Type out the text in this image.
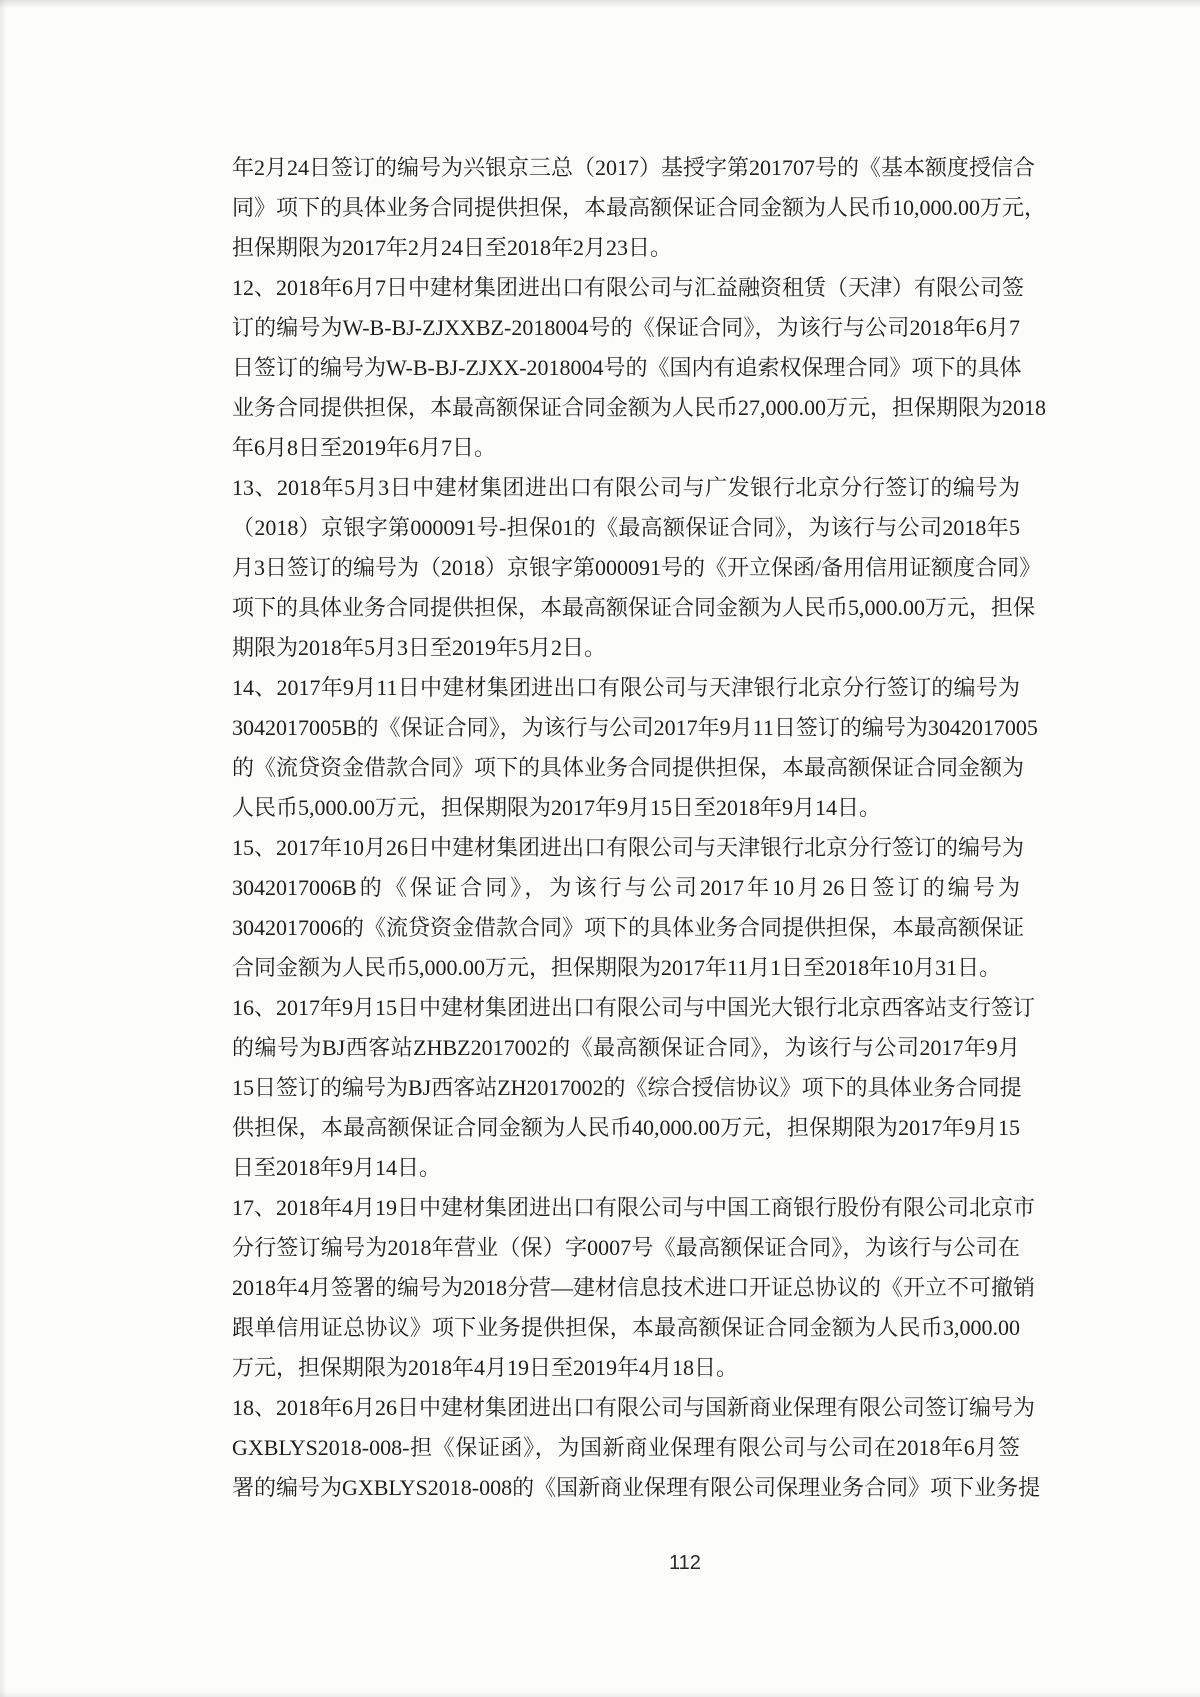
年2月24日签订的编号为兴银京三总（2017）基授字第201707号的《基本额度授信合
同》项下的具体业务合同提供担保，本最高额保证合同金额为人民币10,000.00万元，
担保期限为2017年2月24日至2018年2月23日。
12、2018年6月7日中建材集团进出口有限公司与汇益融资租赁（天津）有限公司签
订的编号为W-B-BJ-ZJXXBZ-2018004号的《保证合同》，为该行与公司2018年6月7
日签订的编号为W-B-BJ-ZJXX-2018004号的《国内有追索权保理合同》项下的具体
业务合同提供担保，本最高额保证合同金额为人民币27,000.00万元，担保期限为2018
年6月8日至2019年6月7日。
13、2018年5月3日中建材集团进出口有限公司与广发银行北京分行签订的编号为
（2018）京银字第000091号-担保01的《最高额保证合同》，为该行与公司2018年5
月3日签订的编号为（2018）京银字第000091号的《开立保函/备用信用证额度合同》
项下的具体业务合同提供担保，本最高额保证合同金额为人民币5,000.00万元，担保
期限为2018年5月3日至2019年5月2日。
14、2017年9月11日中建材集团进出口有限公司与天津银行北京分行签订的编号为
3042017005B的《保证合同》，为该行与公司2017年9月11日签订的编号为3042017005
的《流贷资金借款合同》项下的具体业务合同提供担保，本最高额保证合同金额为
人民币5,000.00万元，担保期限为2017年9月15日至2018年9月14日。
15、2017年10月26日中建材集团进出口有限公司与天津银行北京分行签订的编号为
3042017006B的《保证合同》，为该行与公司2017年10月26日签订的编号为
3042017006的《流贷资金借款合同》项下的具体业务合同提供担保，本最高额保证
合同金额为人民币5,000.00万元，担保期限为2017年11月1日至2018年10月31日。
16、2017年9月15日中建材集团进出口有限公司与中国光大银行北京西客站支行签订
的编号为BJ西客站ZHBZ2017002的《最高额保证合同》，为该行与公司2017年9月
15日签订的编号为BJ西客站ZH2017002的《综合授信协议》项下的具体业务合同提
供担保，本最高额保证合同金额为人民币40,000.00万元，担保期限为2017年9月15
日至2018年9月14日。
17、2018年4月19日中建材集团进出口有限公司与中国工商银行股份有限公司北京市
分行签订编号为2018年营业（保）字0007号《最高额保证合同》，为该行与公司在
2018年4月签署的编号为2018分营—建材信息技术进口开证总协议的《开立不可撤销
跟单信用证总协议》项下业务提供担保，本最高额保证合同金额为人民币3,000.00
万元，担保期限为2018年4月19日至2019年4月18日。
18、2018年6月26日中建材集团进出口有限公司与国新商业保理有限公司签订编号为
GXBLYS2018-008-担《保证函》，为国新商业保理有限公司与公司在2018年6月签
署的编号为GXBLYS2018-008的《国新商业保理有限公司保理业务合同》项下业务提
112
